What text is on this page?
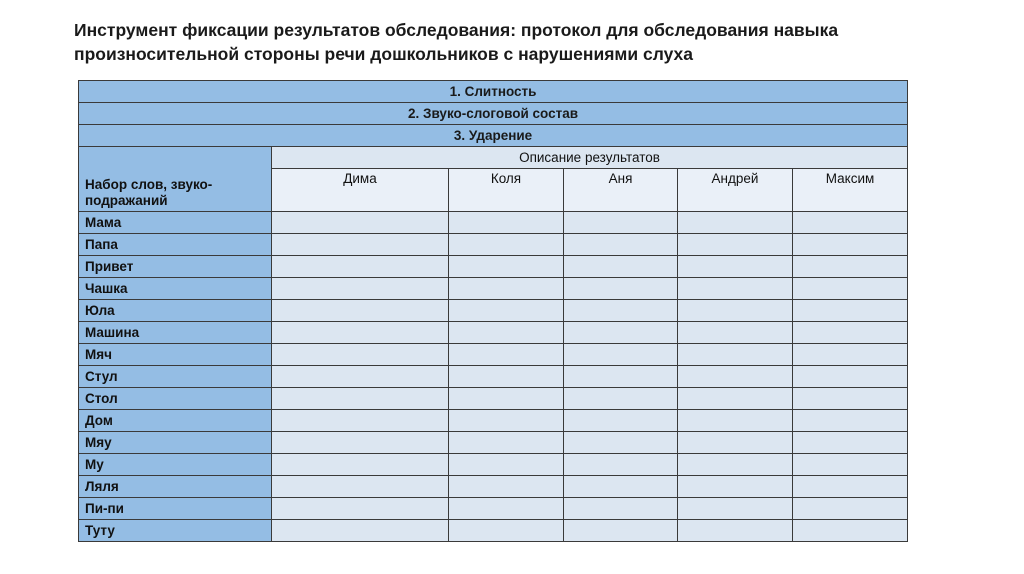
Инструмент фиксации результатов обследования: протокол для обследования навыка
произносительной стороны речи дошкольников с нарушениями слуха
1. Слитность					
2. Звуко-слоговой состав					
3. Ударение					
Набор слов, звуко-подражаний	Описание результатов				
	Дима	Коля	Аня	Андрей	Максим
Мама					
Папа					
Привет					
Чашка					
Юла					
Машина					
Мяч					
Стул					
Стол					
Дом					
Мяу					
Му					
Ляля					
Пи-пи					
Туту					
